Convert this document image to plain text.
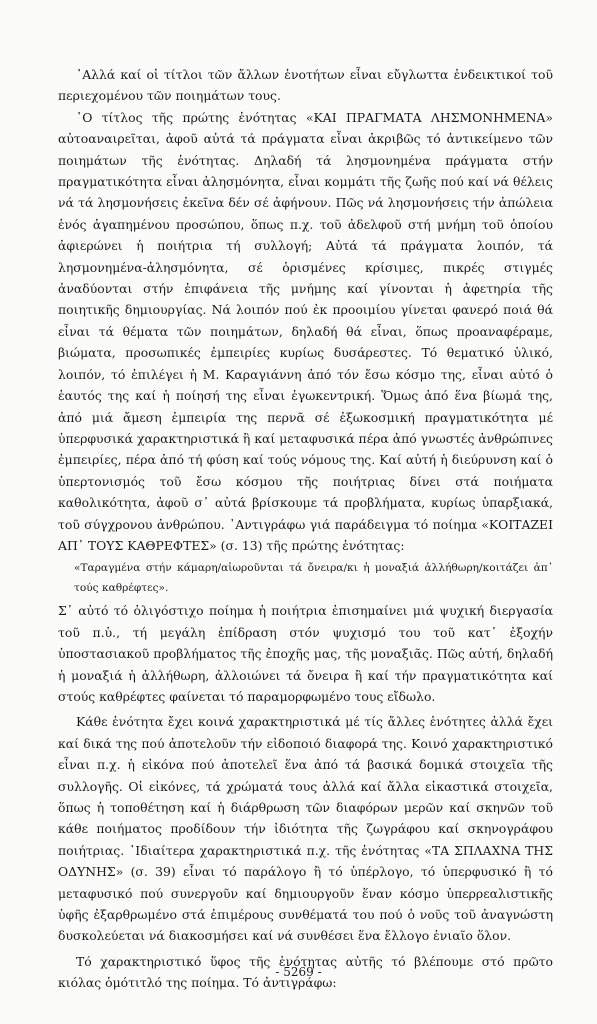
᾿Αλλά καί οἱ τίτλοι τῶν ἄλλων ἑνοτήτων εἶναι εὔγλωττα ἐνδεικτικοί τοῦ περιεχομένου τῶν ποιημάτων τους.

῾Ο τίτλος τῆς πρώτης ἑνότητας «ΚΑΙ ΠΡΑΓΜΑΤΑ ΛΗΣΜΟΝΗΜΕΝΑ» αὐτοαναιρεῖται, ἀφοῦ αὐτά τά πράγματα εἶναι ἀκριβῶς τό ἀντικείμενο τῶν ποιημάτων τῆς ἑνότητας. Δηλαδή τά λησμονημένα πράγματα στήν πραγματικότητα εἶναι ἀλησμόνητα, εἶναι κομμάτι τῆς ζωῆς πού καί νά θέλεις νά τά λησμονήσεις ἐκεῖνα δέν σέ ἀφήνουν. Πῶς νά λησμονήσεις τήν ἀπώλεια ἑνός ἀγαπημένου προσώπου, ὅπως π.χ. τοῦ ἀδελφοῦ στή μνήμη τοῦ ὁποίου ἀφιερώνει ἡ ποιήτρια τή συλλογή; Αὐτά τά πράγματα λοιπόν, τά λησμονημένα-ἀλησμόνητα, σέ ὁρισμένες κρίσιμες, πικρές στιγμές ἀναδύονται στήν ἐπιφάνεια τῆς μνήμης καί γίνονται ἡ ἀφετηρία τῆς ποιητικῆς δημιουργίας. Νά λοιπόν πού ἐκ προοιμίου γίνεται φανερό ποιά θά εἶναι τά θέματα τῶν ποιημάτων, δηλαδή θά εἶναι, ὅπως προαναφέραμε, βιώματα, προσωπικές ἐμπειρίες κυρίως δυσάρεστες. Τό θεματικό ὑλικό, λοιπόν, τό ἐπιλέγει ἡ Μ. Καραγιάννη ἀπό τόν ἔσω κόσμο της, εἶναι αὐτό ὁ ἑαυτός της καί ἡ ποίησή της εἶναι ἐγωκεντρική. Ὅμως ἀπό ἕνα βίωμά της, ἀπό μιά ἄμεση ἐμπειρία της περνᾶ σέ ἐξωκοσμική πραγματικότητα μέ ὑπερφυσικά χαρακτηριστικά ἢ καί μεταφυσικά πέρα ἀπό γνωστές ἀνθρώπινες ἐμπειρίες, πέρα ἀπό τή φύση καί τούς νόμους της. Καί αὐτή ἡ διεύρυνση καί ὁ ὑπερτονισμός τοῦ ἔσω κόσμου τῆς ποιήτριας δίνει στά ποιήματα καθολικότητα, ἀφοῦ σ᾿ αὐτά βρίσκουμε τά προβλήματα, κυρίως ὑπαρξιακά, τοῦ σύγχρονου ἀνθρώπου. ᾿Αντιγράφω γιά παράδειγμα τό ποίημα «ΚΟΙΤΑΖΕΙ ΑΠ᾿ ΤΟΥΣ ΚΑΘΡΕΦΤΕΣ» (σ. 13) τῆς πρώτης ἑνότητας:

«Ταραγμένα στήν κάμαρη/αἰωροῦνται τά ὄνειρα/κι ἡ μοναξιά ἀλλήθωρη/κοιτάζει ἀπ᾿ τούς καθρέφτες».

Σ᾿ αὐτό τό ὀλιγόστιχο ποίημα ἡ ποιήτρια ἐπισημαίνει μιά ψυχική διεργασία τοῦ π.ὑ., τή μεγάλη ἐπίδραση στόν ψυχισμό του τοῦ κατ᾿ ἐξοχήν ὑποστασιακοῦ προβλήματος τῆς ἐποχῆς μας, τῆς μοναξιᾶς. Πῶς αὐτή, δηλαδή ἡ μοναξιά ἡ ἀλλήθωρη, ἀλλοιώνει τά ὄνειρα ἢ καί τήν πραγματικότητα καί στούς καθρέφτες φαίνεται τό παραμορφωμένο τους εἴδωλο.

Κάθε ἑνότητα ἔχει κοινά χαρακτηριστικά μέ τίς ἄλλες ἑνότητες ἀλλά ἔχει καί δικά της πού ἀποτελοῦν τήν εἰδοποιό διαφορά της. Κοινό χαρακτηριστικό εἶναι π.χ. ἡ εἰκόνα πού ἀποτελεῖ ἕνα ἀπό τά βασικά δομικά στοιχεῖα τῆς συλλογῆς. Οἱ εἰκόνες, τά χρώματά τους ἀλλά καί ἄλλα εἰκαστικά στοιχεῖα, ὅπως ἡ τοποθέτηση καί ἡ διάρθρωση τῶν διαφόρων μερῶν καί σκηνῶν τοῦ κάθε ποιήματος προδίδουν τήν ἰδιότητα τῆς ζωγράφου καί σκηνογράφου ποιήτριας. ᾿Ιδιαίτερα χαρακτηριστικά π.χ. τῆς ἑνότητας «ΤΑ ΣΠΛΑΧΝΑ ΤΗΣ ΟΔΥΝΗΣ» (σ. 39) εἶναι τό παράλογο ἢ τό ὑπέρλογο, τό ὑπερφυσικό ἢ τό μεταφυσικό πού συνεργοῦν καί δημιουργοῦν ἕναν κόσμο ὑπερρεαλιστικῆς ὑφῆς ἐξαρθρωμένο στά ἐπιμέρους συνθέματά του πού ὁ νοῦς τοῦ ἀναγνώστη δυσκολεύεται νά διακοσμήσει καί νά συνθέσει ἕνα ἔλλογο ἑνιαῖο ὅλον.

Τό χαρακτηριστικό ὕφος τῆς ἑνότητας αὐτῆς τό βλέπουμε στό πρῶτο κιόλας ὁμότιτλό της ποίημα. Τό ἀντιγράφω:

- 5269 -
